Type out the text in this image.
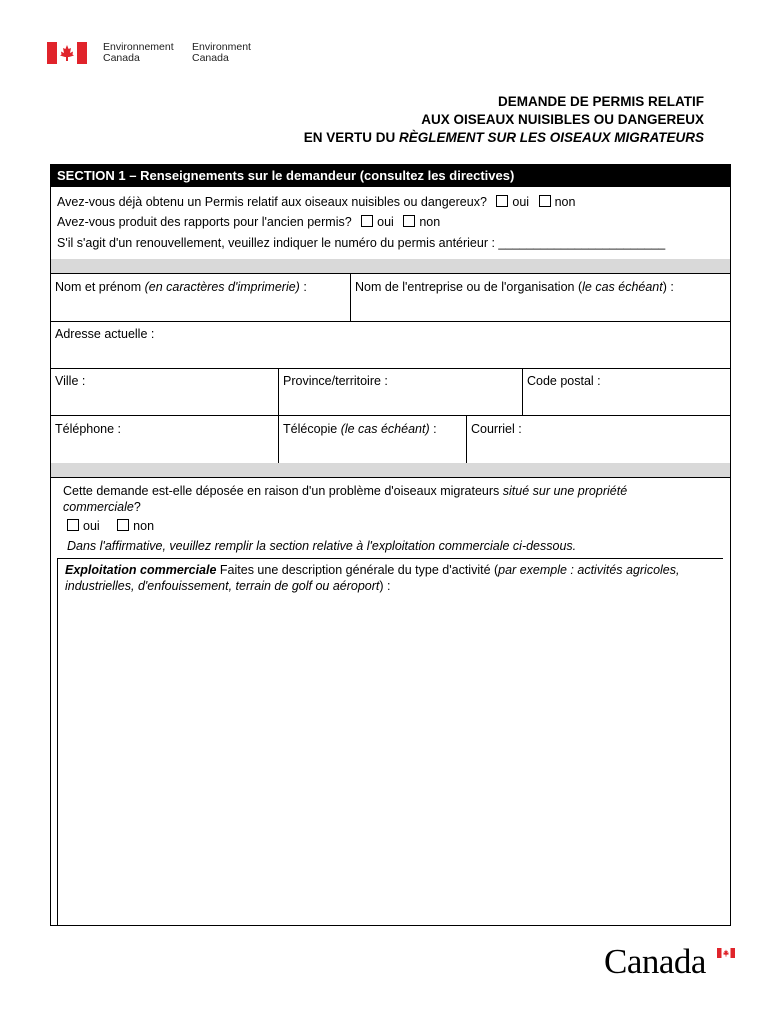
Environnement
Canada
Environment
Canada
DEMANDE DE PERMIS RELATIF
AUX OISEAUX NUISIBLES OU DANGEREUX
EN VERTU DU RÈGLEMENT SUR LES OISEAUX MIGRATEURS
SECTION 1 – Renseignements sur le demandeur (consultez les directives)
Avez-vous déjà obtenu un Permis relatif aux oiseaux nuisibles ou dangereux? oui non
Avez-vous produit des rapports pour l'ancien permis? oui non
S'il s'agit d'un renouvellement, veuillez indiquer le numéro du permis antérieur : ________________________
Nom et prénom (en caractères d'imprimerie) :	Nom de l'entreprise ou de l'organisation (le cas échéant) :
Adresse actuelle :
Ville :	Province/territoire :	Code postal :
Téléphone :	Télécopie (le cas échéant) :	Courriel :
Cette demande est-elle déposée en raison d'un problème d'oiseaux migrateurs situé sur une propriété commerciale?
oui	non
Dans l'affirmative, veuillez remplir la section relative à l'exploitation commerciale ci-dessous.
Exploitation commerciale Faites une description générale du type d'activité (par exemple : activités agricoles, industrielles, d'enfouissement, terrain de golf ou aéroport) :
Canada
